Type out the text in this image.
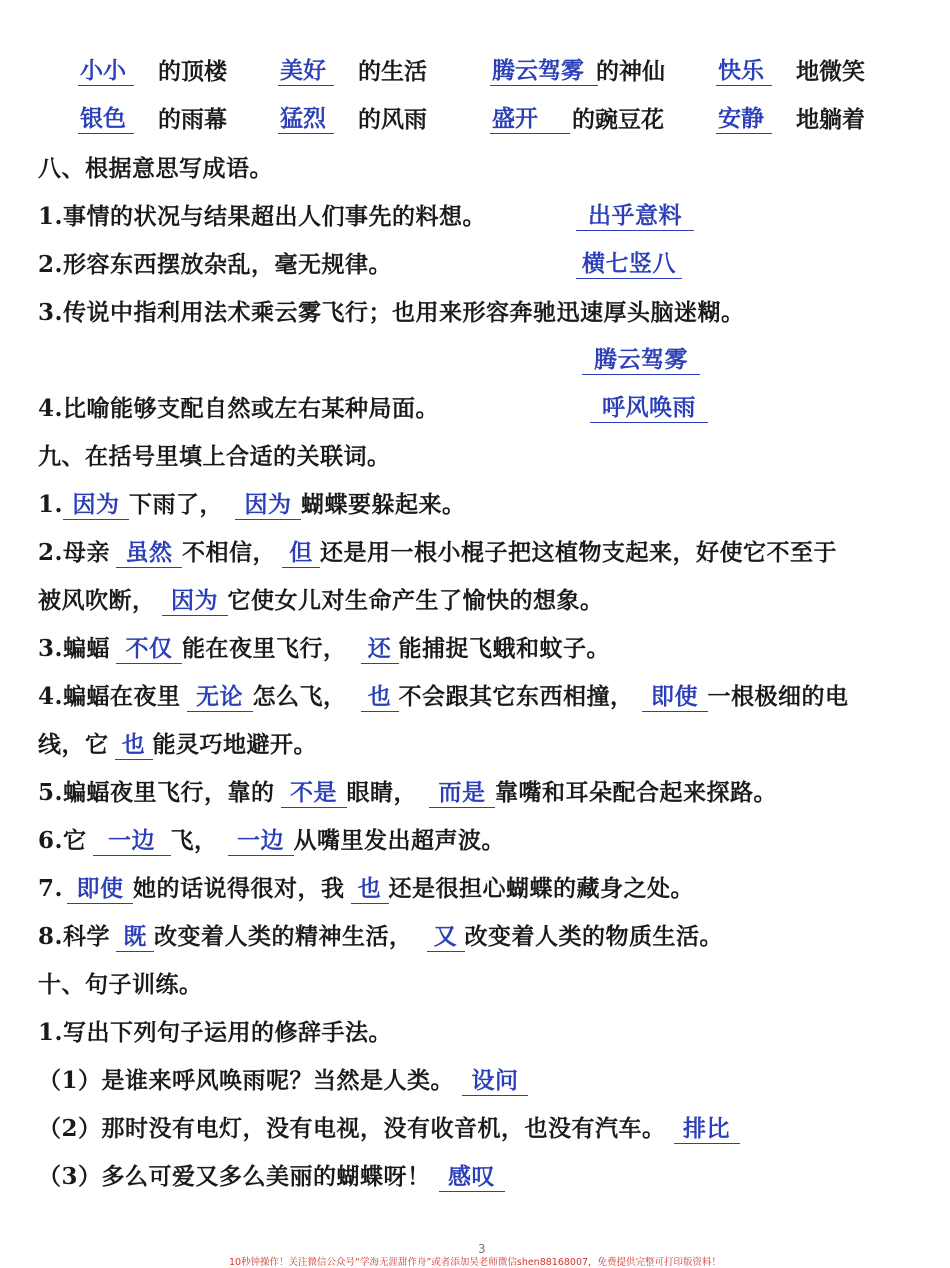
小小	的顶楼 美好	的生活	腾云驾雾 的神仙 快乐	地微笑
银色	的雨幕 猛烈	的风雨	盛开	的豌豆花 安静	地躺着
八、根据意思写成语。
1.事情的状况与结果超出人们事先的料想。	出乎意料
2.形容东西摆放杂乱，毫无规律。	横七竖八
3.传说中指利用法术乘云雾飞行；也用来形容奔驰迅速厚头脑迷糊。
腾云驾雾
4.比喻能够支配自然或左右某种局面。	呼风唤雨
九、在括号里填上合适的关联词。
1. 因为 下雨了， 因为 蝴蝶要躲起来。
2.母亲 虽然 不相信， 但 还是用一根小棍子把这植物支起来，好使它不至于
被风吹断， 因为 它使女儿对生命产生了愉快的想象。
3.蝙蝠 不仅 能在夜里飞行， 还 能捕捉飞蛾和蚊子。
4.蝙蝠在夜里 无论 怎么飞， 也 不会跟其它东西相撞， 即使 一根极细的电
线，它 也 能灵巧地避开。
5.蝙蝠夜里飞行，靠的 不是 眼睛， 而是 靠嘴和耳朵配合起来探路。
6.它 一边 飞， 一边 从嘴里发出超声波。
7. 即使 她的话说得很对，我 也 还是很担心蝴蝶的藏身之处。
8.科学 既 改变着人类的精神生活， 又 改变着人类的物质生活。
十、句子训练。
1.写出下列句子运用的修辞手法。
（1）是谁来呼风唤雨呢？当然是人类。 设问
（2）那时没有电灯，没有电视，没有收音机，也没有汽车。 排比
（3）多么可爱又多么美丽的蝴蝶呀！ 感叹
3
10秒钟操作！关注微信公众号“学海无涯甜作舟”或者添加吴老师微信shen88168007，免费提供完整可打印版资料！
